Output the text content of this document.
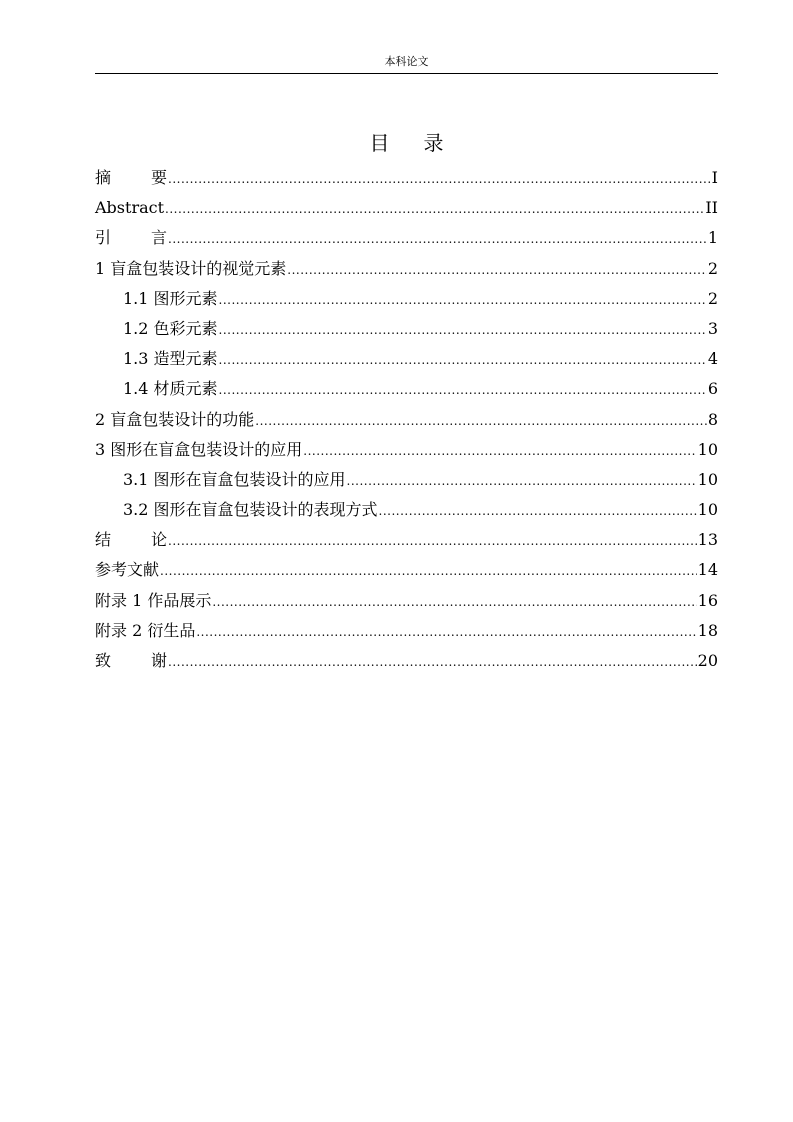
本科论文
目 录
摘	要 .....	I
Abstract .....	II
引	言 .....	1
1 盲盒包装设计的视觉元素 .....	2
1.1 图形元素 .....	2
1.2 色彩元素 .....	3
1.3 造型元素 .....	4
1.4 材质元素 .....	6
2 盲盒包装设计的功能 .....	8
3 图形在盲盒包装设计的应用 .....	10
3.1 图形在盲盒包装设计的应用 .....	10
3.2 图形在盲盒包装设计的表现方式 .....	10
结	论 .....	13
参考文献 .....	14
附录 1 作品展示 .....	16
附录 2 衍生品 .....	18
致	谢 .....	20
